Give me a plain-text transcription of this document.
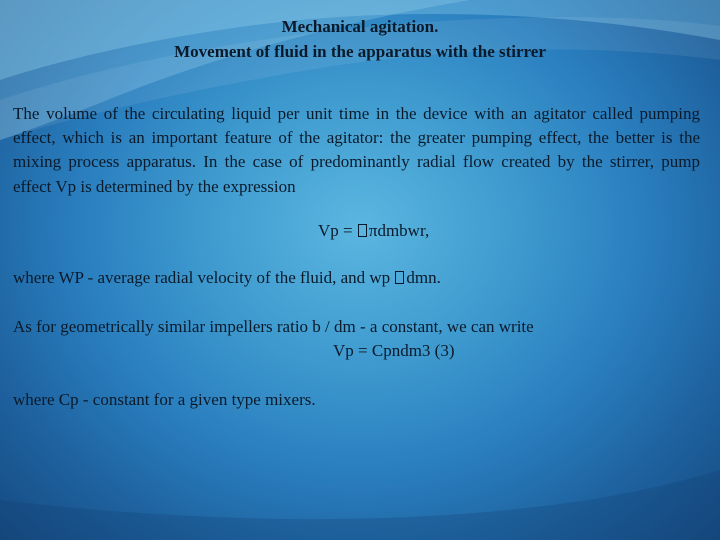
Mechanical agitation.
Movement of fluid in the apparatus with the stirrer

The volume of the circulating liquid per unit time in the device with an agitator called pumping effect, which is an important feature of the agitator: the greater pumping effect, the better is the mixing process apparatus. In the case of predominantly radial flow created by the stirrer, pump effect Vp is determined by the expression

Vp = πdmbwr,
where WP - average radial velocity of the fluid, and wp dmn.
As for geometrically similar impellers ratio b / dm - a constant, we can write
Vp = Cpndm3 (3)
where Cp - constant for a given type mixers.
